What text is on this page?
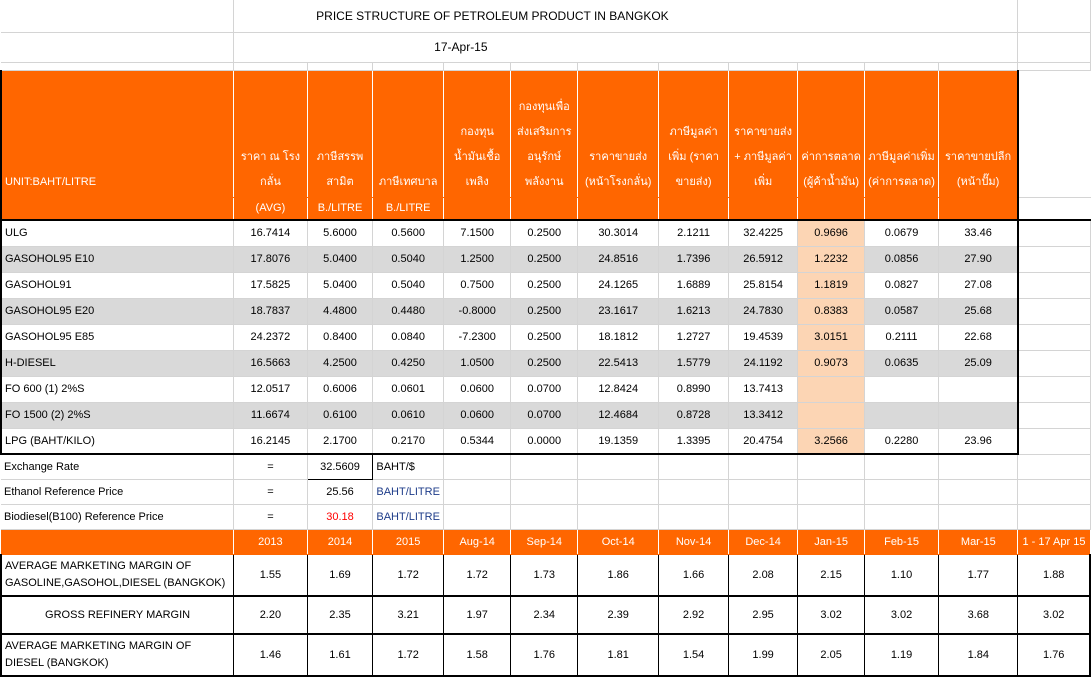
	PRICE STRUCTURE OF PETROLEUM PRODUCT IN BANGKOK											
	17-Apr-15											

UNIT:BAHT/LITRE	ราคา ณ โรงกลั่น	ภาษีสรรพสามิต	ภาษีเทศบาล	กองทุนน้ำมันเชื้อเพลิง	กองทุนเพื่อส่งเสริมการอนุรักษ์พลังงาน	ราคาขายส่ง (หน้าโรงกลั่น)	ภาษีมูลค่าเพิ่ม (ราคาขายส่ง)	ราคาขายส่ง + ภาษีมูลค่าเพิ่ม	ค่าการตลาด (ผู้ค้าน้ำมัน)	ภาษีมูลค่าเพิ่ม (ค่าการตลาด)	ราคาขายปลีก (หน้าปั๊ม)	
	(AVG)	B./LITRE	B./LITRE									
ULG	16.7414	5.6000	0.5600	7.1500	0.2500	30.3014	2.1211	32.4225	0.9696	0.0679	33.46	
GASOHOL95 E10	17.8076	5.0400	0.5040	1.2500	0.2500	24.8516	1.7396	26.5912	1.2232	0.0856	27.90	
GASOHOL91	17.5825	5.0400	0.5040	0.7500	0.2500	24.1265	1.6889	25.8154	1.1819	0.0827	27.08	
GASOHOL95 E20	18.7837	4.4800	0.4480	-0.8000	0.2500	23.1617	1.6213	24.7830	0.8383	0.0587	25.68	
GASOHOL95 E85	24.2372	0.8400	0.0840	-7.2300	0.2500	18.1812	1.2727	19.4539	3.0151	0.2111	22.68	
H-DIESEL	16.5663	4.2500	0.4250	1.0500	0.2500	22.5413	1.5779	24.1192	0.9073	0.0635	25.09	
FO 600 (1) 2%S	12.0517	0.6006	0.0601	0.0600	0.0700	12.8424	0.8990	13.7413				
FO 1500 (2) 2%S	11.6674	0.6100	0.0610	0.0600	0.0700	12.4684	0.8728	13.3412				
LPG (BAHT/KILO)	16.2145	2.1700	0.2170	0.5344	0.0000	19.1359	1.3395	20.4754	3.2566	0.2280	23.96	
Exchange Rate	=	32.5609	BAHT/$									
Ethanol Reference Price	=	25.56	BAHT/LITRE									
Biodiesel(B100) Reference Price	=	30.18	BAHT/LITRE									
	2013	2014	2015	Aug-14	Sep-14	Oct-14	Nov-14	Dec-14	Jan-15	Feb-15	Mar-15	1 - 17 Apr 15
AVERAGE MARKETING MARGIN OF GASOLINE,GASOHOL,DIESEL (BANGKOK)	1.55	1.69	1.72	1.72	1.73	1.86	1.66	2.08	2.15	1.10	1.77	1.88
GROSS REFINERY MARGIN	2.20	2.35	3.21	1.97	2.34	2.39	2.92	2.95	3.02	3.02	3.68	3.02
AVERAGE MARKETING MARGIN OF DIESEL (BANGKOK)	1.46	1.61	1.72	1.58	1.76	1.81	1.54	1.99	2.05	1.19	1.84	1.76
